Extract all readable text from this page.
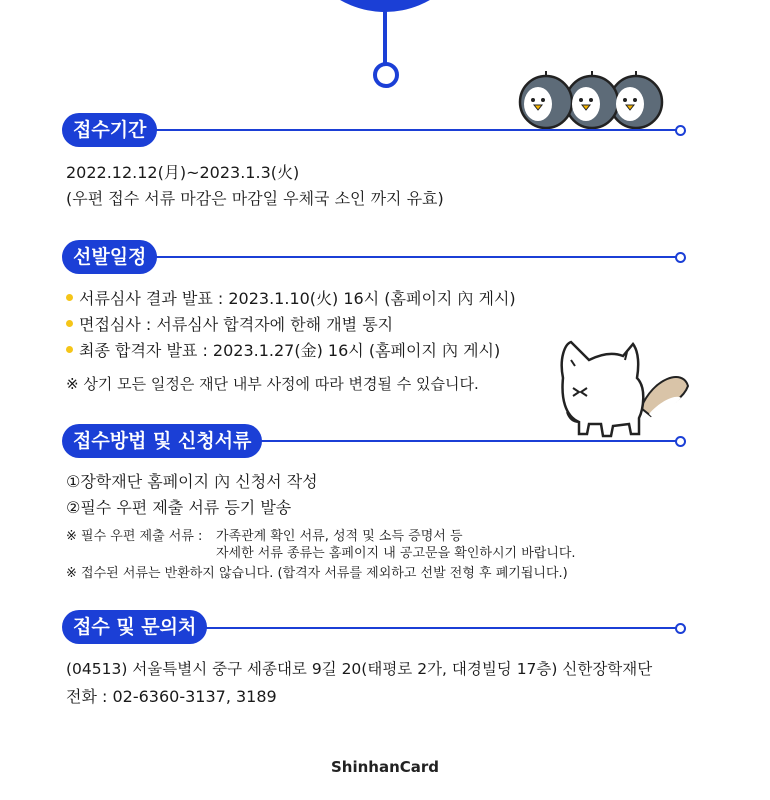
접수기간
2022.12.12(月)~2023.1.3(火)
(우편 접수 서류 마감은 마감일 우체국 소인 까지 유효)
선발일정
서류심사 결과 발표 : 2023.1.10(火) 16시 (홈페이지 內 게시)
면접심사 : 서류심사 합격자에 한해 개별 통지
최종 합격자 발표 : 2023.1.27(金) 16시 (홈페이지 內 게시)
※ 상기 모든 일정은 재단 내부 사정에 따라 변경될 수 있습니다.
접수방법 및 신청서류
①장학재단 홈페이지 內 신청서 작성
②필수 우편 제출 서류 등기 발송
※ 필수 우편 제출 서류 : 가족관계 확인 서류, 성적 및 소득 증명서 등
자세한 서류 종류는 홈페이지 내 공고문을 확인하시기 바랍니다.
※ 접수된 서류는 반환하지 않습니다. (합격자 서류를 제외하고 선발 전형 후 폐기됩니다.)
접수 및 문의처
(04513) 서울특별시 중구 세종대로 9길 20(태평로 2가, 대경빌딩 17층) 신한장학재단
전화 : 02-6360-3137, 3189
ShinhanCard
